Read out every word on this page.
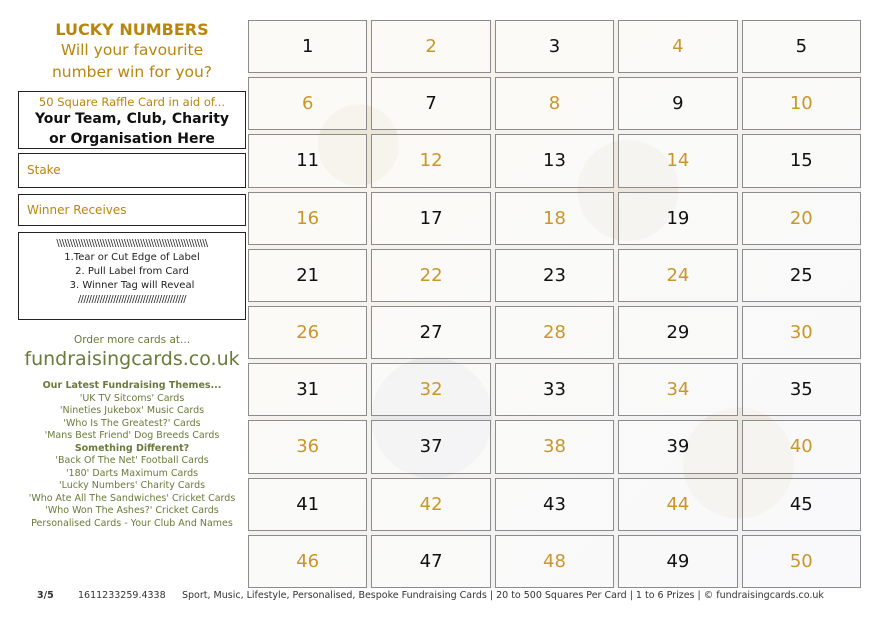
LUCKY NUMBERS
Will your favourite
number win for you?
50 Square Raffle Card in aid of...
Your Team, Club, Charity
or Organisation Here
Stake
Winner Receives
\\\\\\\\\\\\\\\\\\\\\\\\\\\\\\\\\\\\\\\\\\\\\\\\\\\\\\\\
1.Tear or Cut Edge of Label
2. Pull Label from Card
3. Winner Tag will Reveal
////////////////////////////////////////
Order more cards at...
fundraisingcards.co.uk
Our Latest Fundraising Themes...
'UK TV Sitcoms' Cards
'Nineties Jukebox' Music Cards
'Who Is The Greatest?' Cards
'Mans Best Friend' Dog Breeds Cards
Something Different?
'Back Of The Net' Football Cards
'180' Darts Maximum Cards
'Lucky Numbers' Charity Cards
'Who Ate All The Sandwiches' Cricket Cards
'Who Won The Ashes?' Cricket Cards
Personalised Cards - Your Club And Names
1	2	3	4	5
6	7	8	9	10
11	12	13	14	15
16	17	18	19	20
21	22	23	24	25
26	27	28	29	30
31	32	33	34	35
36	37	38	39	40
41	42	43	44	45
46	47	48	49	50
3/5	1611233259.4338 Sport, Music, Lifestyle, Personalised, Bespoke Fundraising Cards | 20 to 500 Squares Per Card | 1 to 6 Prizes | © fundraisingcards.co.uk
